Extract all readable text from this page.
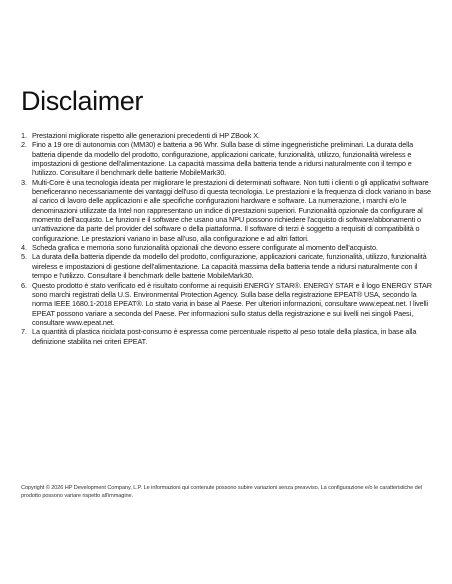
Disclaimer
1. Prestazioni migliorate rispetto alle generazioni precedenti di HP ZBook X.
2. Fino a 19 ore di autonomia con (MM30) e batteria a 96 Whr. Sulla base di stime ingegneristiche preliminari. La durata della batteria dipende da modello del prodotto, configurazione, applicazioni caricate, funzionalità, utilizzo, funzionalità wireless e impostazioni di gestione dell'alimentazione. La capacità massima della batteria tende a ridursi naturalmente con il tempo e l'utilizzo. Consultare il benchmark delle batterie MobileMark30.
3. Multi-Core è una tecnologia ideata per migliorare le prestazioni di determinati software. Non tutti i clienti o gli applicativi software beneficeranno necessariamente dei vantaggi dell'uso di questa tecnologia. Le prestazioni e la frequenza di clock variano in base al carico di lavoro delle applicazioni e alle specifiche configurazioni hardware e software. La numerazione, i marchi e/o le denominazioni utilizzate da Intel non rappresentano un indice di prestazioni superiori. Funzionalità opzionale da configurare al momento dell'acquisto. Le funzioni e il software che usano una NPU possono richiedere l'acquisto di software/abbonamenti o un'attivazione da parte del provider del software o della piattaforma. Il software di terzi è soggetto a requisiti di compatibilità o configurazione. Le prestazioni variano in base all'uso, alla configurazione e ad altri fattori.
4. Scheda grafica e memoria sono funzionalità opzionali che devono essere configurate al momento dell'acquisto.
5. La durata della batteria dipende da modello del prodotto, configurazione, applicazioni caricate, funzionalità, utilizzo, funzionalità wireless e impostazioni di gestione dell'alimentazione. La capacità massima della batteria tende a ridursi naturalmente con il tempo e l'utilizzo. Consultare il benchmark delle batterie MobileMark30.
6. Questo prodotto è stato verificato ed è risultato conforme ai requisiti ENERGY STAR®. ENERGY STAR e il logo ENERGY STAR sono marchi registrati della U.S. Environmental Protection Agency. Sulla base della registrazione EPEAT® USA, secondo la norma IEEE 1680.1-2018 EPEAT®. Lo stato varia in base al Paese. Per ulteriori informazioni, consultare www.epeat.net. I livelli EPEAT possono variare a seconda del Paese. Per informazioni sullo status della registrazione e sui livelli nei singoli Paesi, consultare www.epeat.net.
7. La quantità di plastica riciclata post-consumo è espressa come percentuale rispetto al peso totale della plastica, in base alla definizione stabilita nei criteri EPEAT.

Copyright © 2026 HP Development Company, L.P. Le informazioni qui contenute possono subire variazioni senza preavviso. La configurazione e/o le caratteristiche del prodotto possono variare rispetto all'immagine.
